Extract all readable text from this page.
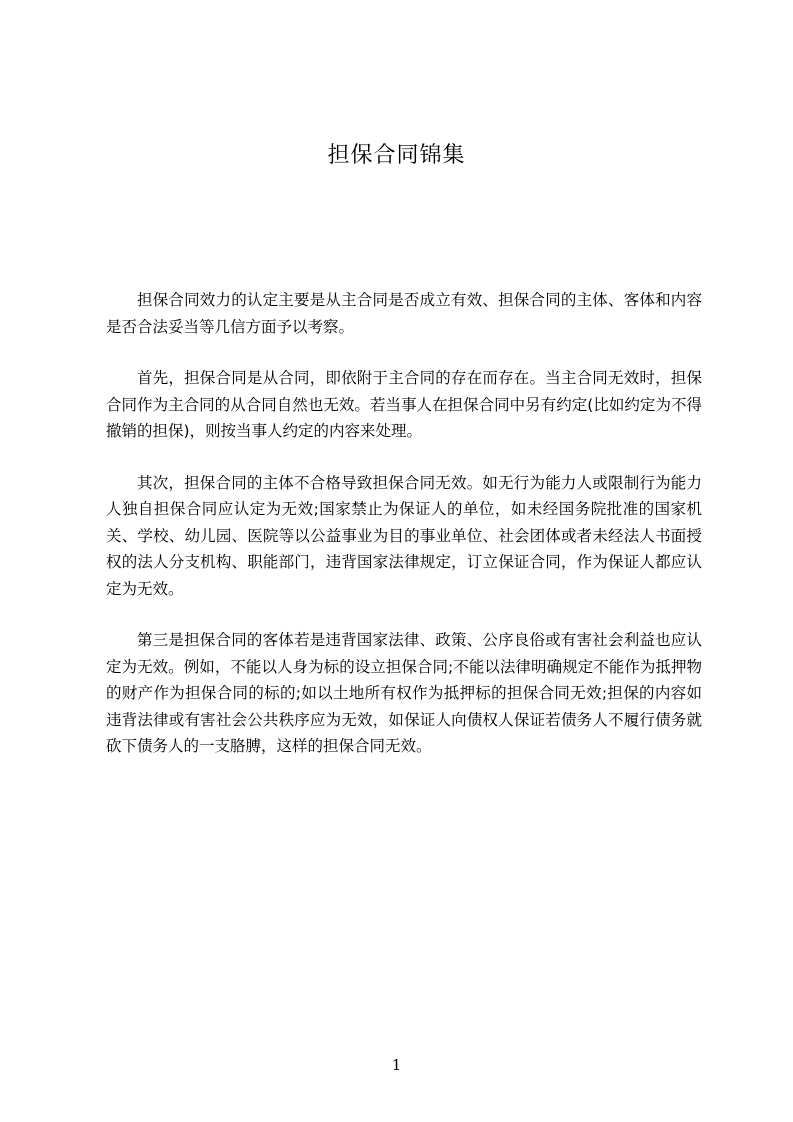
担保合同锦集

担保合同效力的认定主要是从主合同是否成立有效、担保合同的主体、客体和内容是否合法妥当等几信方面予以考察。

首先，担保合同是从合同，即依附于主合同的存在而存在。当主合同无效时，担保合同作为主合同的从合同自然也无效。若当事人在担保合同中另有约定(比如约定为不得撤销的担保)，则按当事人约定的内容来处理。

其次，担保合同的主体不合格导致担保合同无效。如无行为能力人或限制行为能力人独自担保合同应认定为无效;国家禁止为保证人的单位，如未经国务院批准的国家机关、学校、幼儿园、医院等以公益事业为目的事业单位、社会团体或者未经法人书面授权的法人分支机构、职能部门，违背国家法律规定，订立保证合同，作为保证人都应认定为无效。

第三是担保合同的客体若是违背国家法律、政策、公序良俗或有害社会利益也应认定为无效。例如，不能以人身为标的设立担保合同;不能以法律明确规定不能作为抵押物的财产作为担保合同的标的;如以土地所有权作为抵押标的担保合同无效;担保的内容如违背法律或有害社会公共秩序应为无效，如保证人向债权人保证若债务人不履行债务就砍下债务人的一支胳膊，这样的担保合同无效。

1
